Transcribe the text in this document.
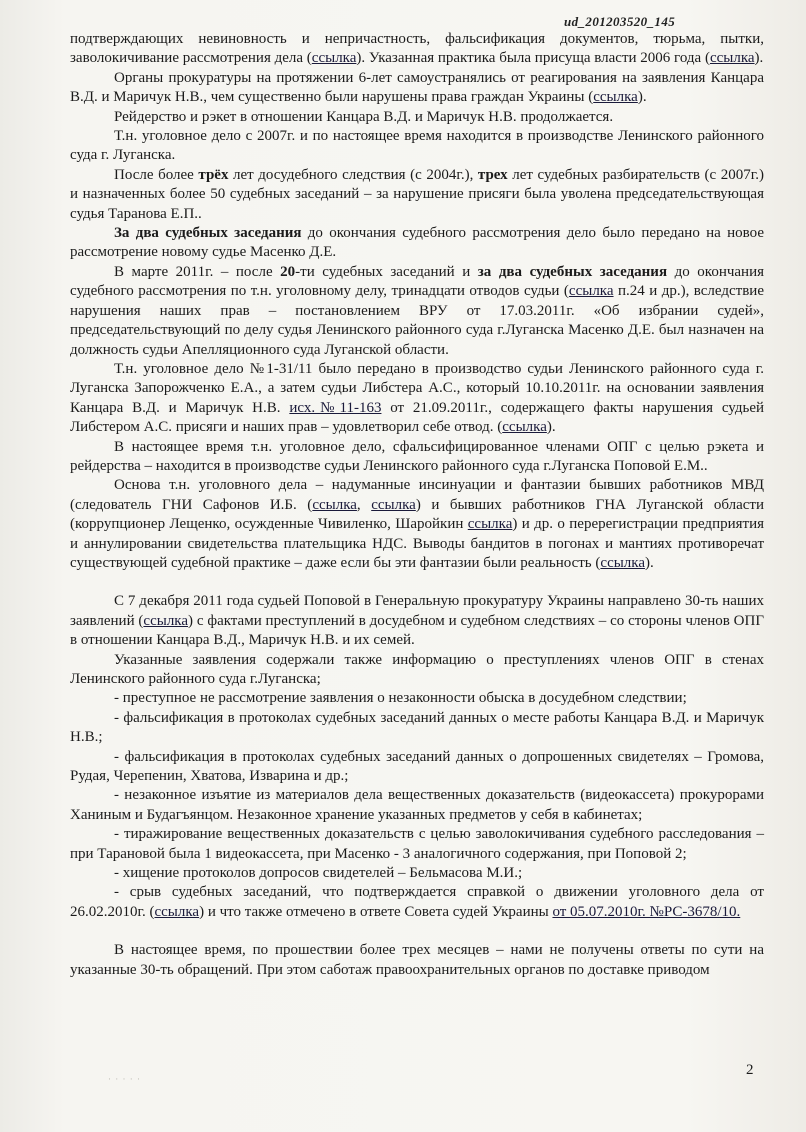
ud_201203520_145

подтверждающих невиновность и непричастность, фальсификация документов, тюрьма, пытки, заволокичивание рассмотрения дела (ссылка). Указанная практика была присуща власти 2006 года (ссылка).

Органы прокуратуры на протяжении 6-лет самоустранялись от реагирования на заявления Канцара В.Д. и Маричук Н.В., чем существенно были нарушены права граждан Украины (ссылка).

Рейдерство и рэкет в отношении Канцара В.Д. и Маричук Н.В. продолжается.

Т.н. уголовное дело с 2007г. и по настоящее время находится в производстве Ленинского районного суда г. Луганска.

После более трёх лет досудебного следствия (с 2004г.), трех лет судебных разбирательств (с 2007г.) и назначенных более 50 судебных заседаний – за нарушение присяги была уволена председательствующая судья Таранова Е.П..

За два судебных заседания до окончания судебного рассмотрения дело было передано на новое рассмотрение новому судье Масенко Д.Е.

В марте 2011г. – после 20-ти судебных заседаний и за два судебных заседания до окончания судебного рассмотрения по т.н. уголовному делу, тринадцати отводов судьи (ссылка п.24 и др.), вследствие нарушения наших прав – постановлением ВРУ от 17.03.2011г. «Об избрании судей», председательствующий по делу судья Ленинского районного суда г.Луганска Масенко Д.Е. был назначен на должность судьи Апелляционного суда Луганской области.

Т.н. уголовное дело №1-31/11 было передано в производство судьи Ленинского районного суда г. Луганска Запорожченко Е.А., а затем судьи Либстера А.С., который 10.10.2011г. на основании заявления Канцара В.Д. и Маричук Н.В. исх.№11-163 от 21.09.2011г., содержащего факты нарушения судьей Либстером А.С. присяги и наших прав – удовлетворил себе отвод. (ссылка).

В настоящее время т.н. уголовное дело, сфальсифицированное членами ОПГ с целью рэкета и рейдерства – находится в производстве судьи Ленинского районного суда г.Луганска Поповой Е.М..

Основа т.н. уголовного дела – надуманные инсинуации и фантазии бывших работников МВД (следователь ГНИ Сафонов И.Б. (ссылка, ссылка) и бывших работников ГНА Луганской области (коррупционер Лещенко, осужденные Чивиленко, Шаройкин ссылка) и др. о перерегистрации предприятия и аннулировании свидетельства плательщика НДС. Выводы бандитов в погонах и мантиях противоречат существующей судебной практике – даже если бы эти фантазии были реальность (ссылка).

С 7 декабря 2011 года судьей Поповой в Генеральную прокуратуру Украины направлено 30-ть наших заявлений (ссылка) с фактами преступлений в досудебном и судебном следствиях – со стороны членов ОПГ в отношении Канцара В.Д., Маричук Н.В. и их семей.

Указанные заявления содержали также информацию о преступлениях членов ОПГ в стенах Ленинского районного суда г.Луганска;

- преступное не рассмотрение заявления о незаконности обыска в досудебном следствии;

- фальсификация в протоколах судебных заседаний данных о месте работы Канцара В.Д. и Маричук Н.В.;

- фальсификация в протоколах судебных заседаний данных о допрошенных свидетелях – Громова, Рудая, Черепенин, Хватова, Изварина и др.;

- незаконное изъятие из материалов дела вещественных доказательств (видеокассета) прокурорами Ханиным и Будагъянцом. Незаконное хранение указанных предметов у себя в кабинетах;

- тиражирование вещественных доказательств с целью заволокичивания судебного расследования – при Тарановой была 1 видеокассета, при Масенко - 3 аналогичного содержания, при Поповой 2;

- хищение протоколов допросов свидетелей – Бельмасова М.И.;

- срыв судебных заседаний, что подтверждается справкой о движении уголовного дела от 26.02.2010г. (ссылка) и что также отмечено в ответе Совета судей Украины от 05.07.2010г. №РС-3678/10.

В настоящее время, по прошествии более трех месяцев – нами не получены ответы по сути на указанные 30-ть обращений. При этом саботаж правоохранительных органов по доставке приводом

· · · · ·
2
